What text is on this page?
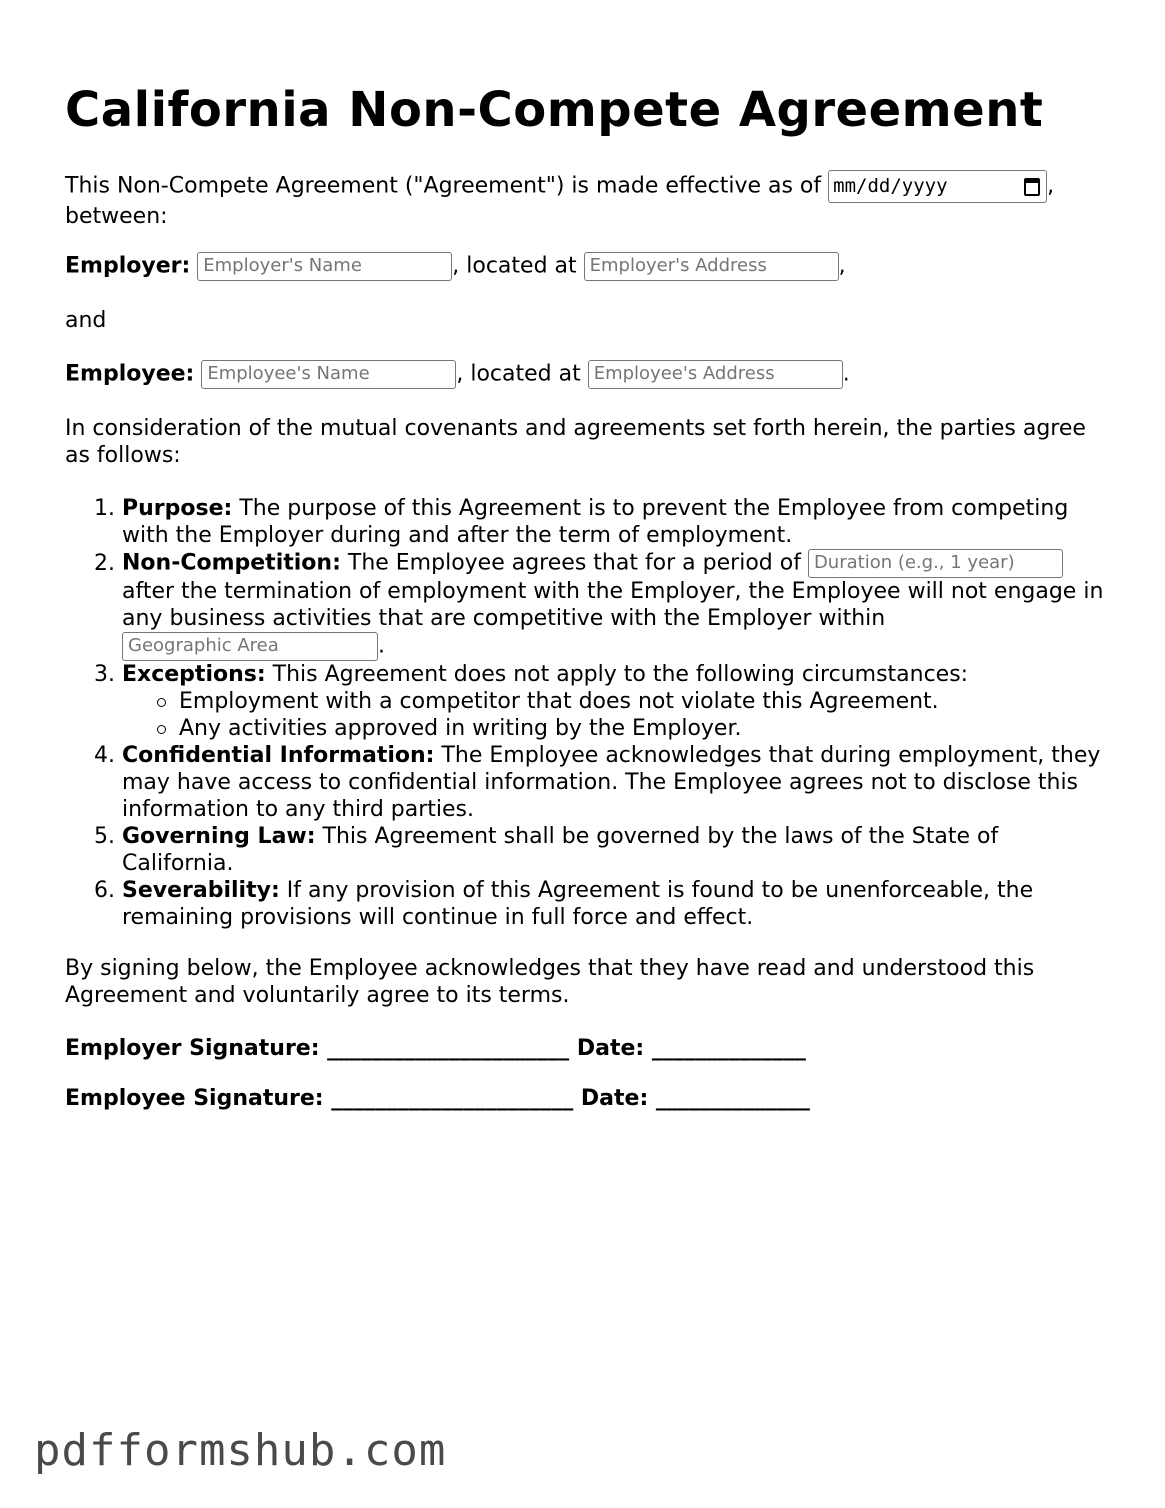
California Non-Compete Agreement

This Non-Compete Agreement ("Agreement") is made effective as of mm/dd/yyyy	,
between:

Employer: Employer's Name	, located at Employer's Address	,

and

Employee: Employee's Name	, located at Employee's Address	.

In consideration of the mutual covenants and agreements set forth herein, the parties agree as follows:

1. Purpose: The purpose of this Agreement is to prevent the Employee from competing with the Employer during and after the term of employment.
2. Non-Competition: The Employee agrees that for a period of Duration (e.g., 1 year) after the termination of employment with the Employer, the Employee will not engage in any business activities that are competitive with the Employer within Geographic Area	.
3. Exceptions: This Agreement does not apply to the following circumstances:
Employment with a competitor that does not violate this Agreement.
Any activities approved in writing by the Employer.
4. Confidential Information: The Employee acknowledges that during employment, they may have access to confidential information. The Employee agrees not to disclose this information to any third parties.
5. Governing Law: This Agreement shall be governed by the laws of the State of California.
6. Severability: If any provision of this Agreement is found to be unenforceable, the remaining provisions will continue in full force and effect.

By signing below, the Employee acknowledges that they have read and understood this Agreement and voluntarily agree to its terms.

Employer Signature: ______________________ Date: ______________

Employee Signature: ______________________ Date: ______________

pdfformshub.com
